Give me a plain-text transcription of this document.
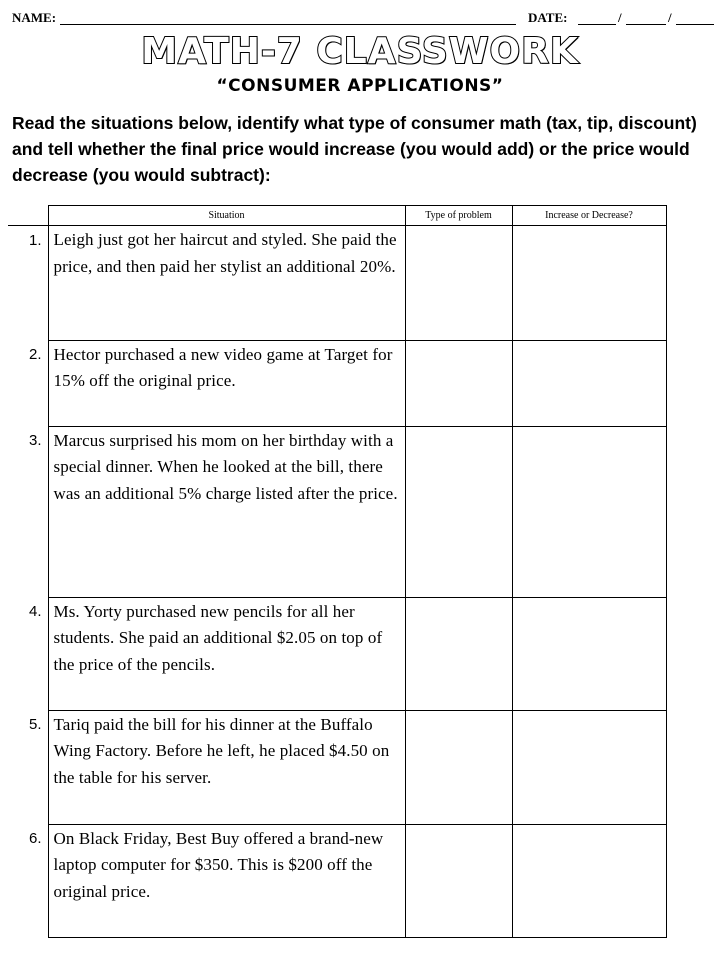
NAME:	DATE:	/	/
MATH-7 CLASSWORK
“CONSUMER APPLICATIONS”
Read the situations below, identify what type of consumer math (tax, tip, discount) and tell whether the final price would increase (you would add) or the price would decrease (you would subtract):
	Situation	Type of problem	Increase or Decrease?
1.	Leigh just got her haircut and styled. She paid the price, and then paid her stylist an additional 20%.		
2.	Hector purchased a new video game at Target for 15% off the original price.		
3.	Marcus surprised his mom on her birthday with a special dinner. When he looked at the bill, there was an additional 5% charge listed after the price.		
4.	Ms. Yorty purchased new pencils for all her students. She paid an additional $2.05 on top of the price of the pencils.		
5.	Tariq paid the bill for his dinner at the Buffalo Wing Factory. Before he left, he placed $4.50 on the table for his server.		
6.	On Black Friday, Best Buy offered a brand-new laptop computer for $350. This is $200 off the original price.		
